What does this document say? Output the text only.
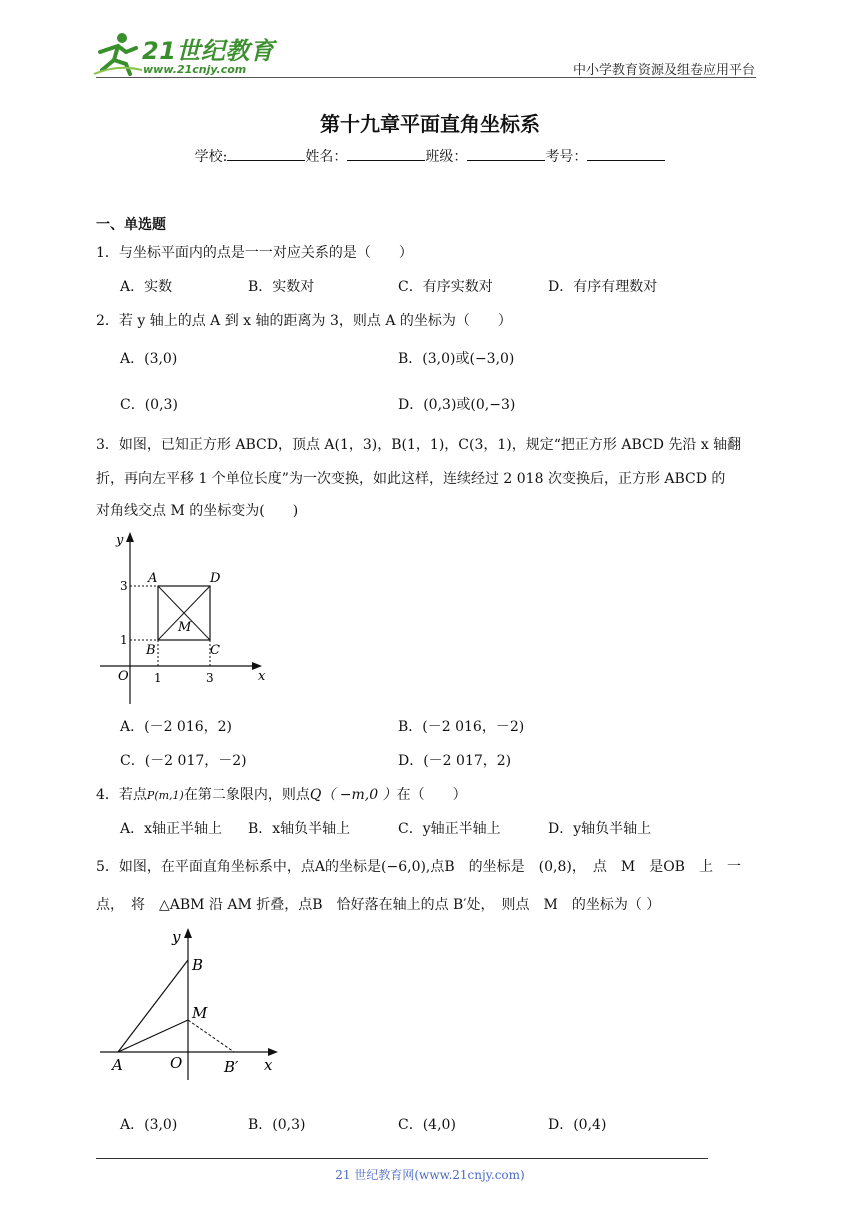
21世纪教育
www.21cnjy.com	中小学教育资源及组卷应用平台
第十九章平面直角坐标系
学校:	姓名：	班级：	考号：
一、单选题
1．与坐标平面内的点是一一对应关系的是（　　）
A．实数	B．实数对	C．有序实数对	D．有序有理数对
2．若 y 轴上的点 A 到 x 轴的距离为 3，则点 A 的坐标为（　　）
A．(3,0)	B．(3,0)或(−3,0)
C．(0,3)	D．(0,3)或(0,−3)
3．如图，已知正方形 ABCD，顶点 A(1，3)，B(1，1)，C(3，1)，规定“把正方形 ABCD 先沿 x 轴翻
折，再向左平移 1 个单位长度”为一次变换，如此这样，连续经过 2 018 次变换后，正方形 ABCD 的
对角线交点 M 的坐标变为(　　)
y
x
O 1	3
1
3 A
B	C
D
M
A．(－2 016，2)	B．(－2 016，－2)
C．(－2 017，－2)	D．(－2 017，2)
4．若点P(m,1)在第二象限内，则点Q（ −m,0 ）在（　　）
A．x轴正半轴上 B．x轴负半轴上	C．y轴正半轴上	D．y轴负半轴上
5．如图，在平面直角坐标系中，点A的坐标是(−6,0),点B　的坐标是　(0,8)，　点　M　是OB　上　一
点，　将　△ABM 沿 AM 折叠，点B　恰好落在轴上的点 B′处，　则点　M　的坐标为（ ）
y
x
O
A
B
M
B′
A．(3,0)	B．(0,3)	C．(4,0)	D．(0,4)
21 世纪教育网(www.21cnjy.com)
